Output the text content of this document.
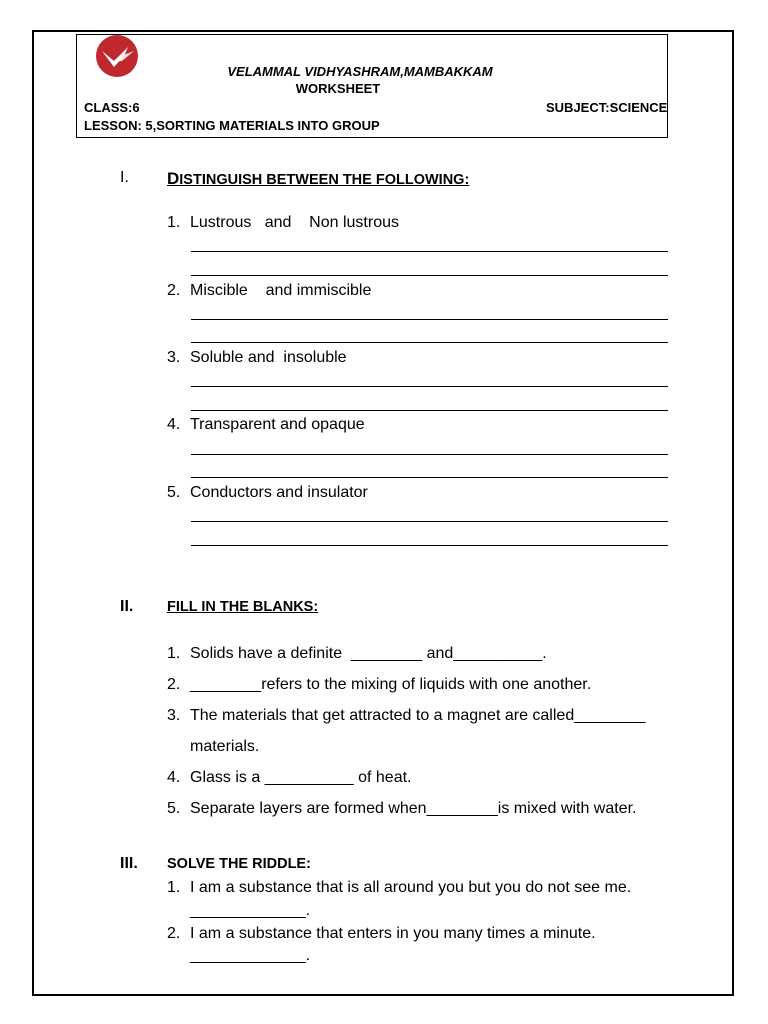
VELAMMAL VIDHYASHRAM,MAMBAKKAM
WORKSHEET
CLASS:6	SUBJECT:SCIENCE
LESSON: 5,SORTING MATERIALS INTO GROUP
I. DISTINGUISH BETWEEN THE FOLLOWING:
1. Lustrous   and    Non lustrous
2. Miscible    and immiscible
3. Soluble and  insoluble
4. Transparent and opaque
5. Conductors and insulator
II. FILL IN THE BLANKS:
1. Solids have a definite  ________ and__________.
2. ________refers to the mixing of liquids with one another.
3. The materials that get attracted to a magnet are called________
materials.
4. Glass is a __________ of heat.
5. Separate layers are formed when________is mixed with water.
III. SOLVE THE RIDDLE:
1. I am a substance that is all around you but you do not see me.
_____________.
2. I am a substance that enters in you many times a minute.
_____________.
